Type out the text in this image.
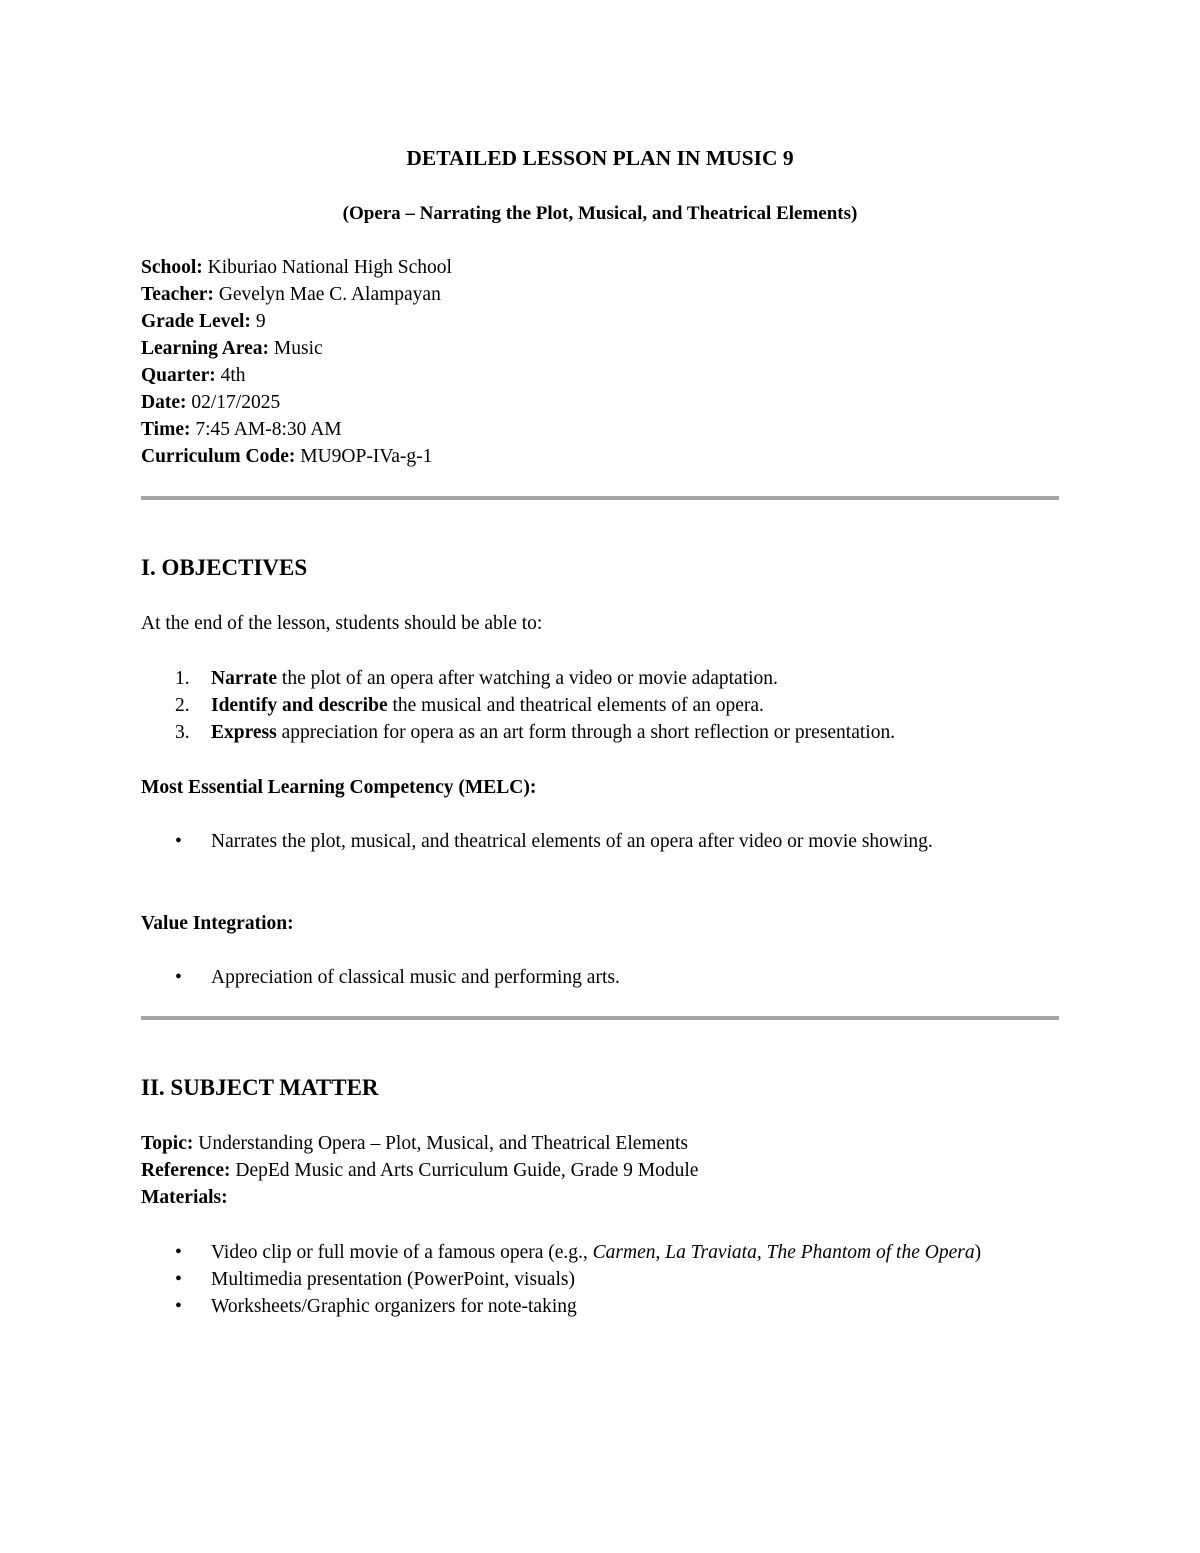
DETAILED LESSON PLAN IN MUSIC 9

(Opera – Narrating the Plot, Musical, and Theatrical Elements)

School: Kiburiao National High School
Teacher: Gevelyn Mae C. Alampayan
Grade Level: 9
Learning Area: Music
Quarter: 4th
Date: 02/17/2025
Time: 7:45 AM-8:30 AM
Curriculum Code: MU9OP-IVa-g-1
I. OBJECTIVES

At the end of the lesson, students should be able to:

1. Narrate the plot of an opera after watching a video or movie adaptation.
2. Identify and describe the musical and theatrical elements of an opera.
3. Express appreciation for opera as an art form through a short reflection or presentation.

Most Essential Learning Competency (MELC):

• Narrates the plot, musical, and theatrical elements of an opera after video or movie showing.

Value Integration:

• Appreciation of classical music and performing arts.
II. SUBJECT MATTER

Topic: Understanding Opera – Plot, Musical, and Theatrical Elements

Reference: DepEd Music and Arts Curriculum Guide, Grade 9 Module

Materials:

• Video clip or full movie of a famous opera (e.g., Carmen, La Traviata, The Phantom of the Opera)
• Multimedia presentation (PowerPoint, visuals)
• Worksheets/Graphic organizers for note-taking
